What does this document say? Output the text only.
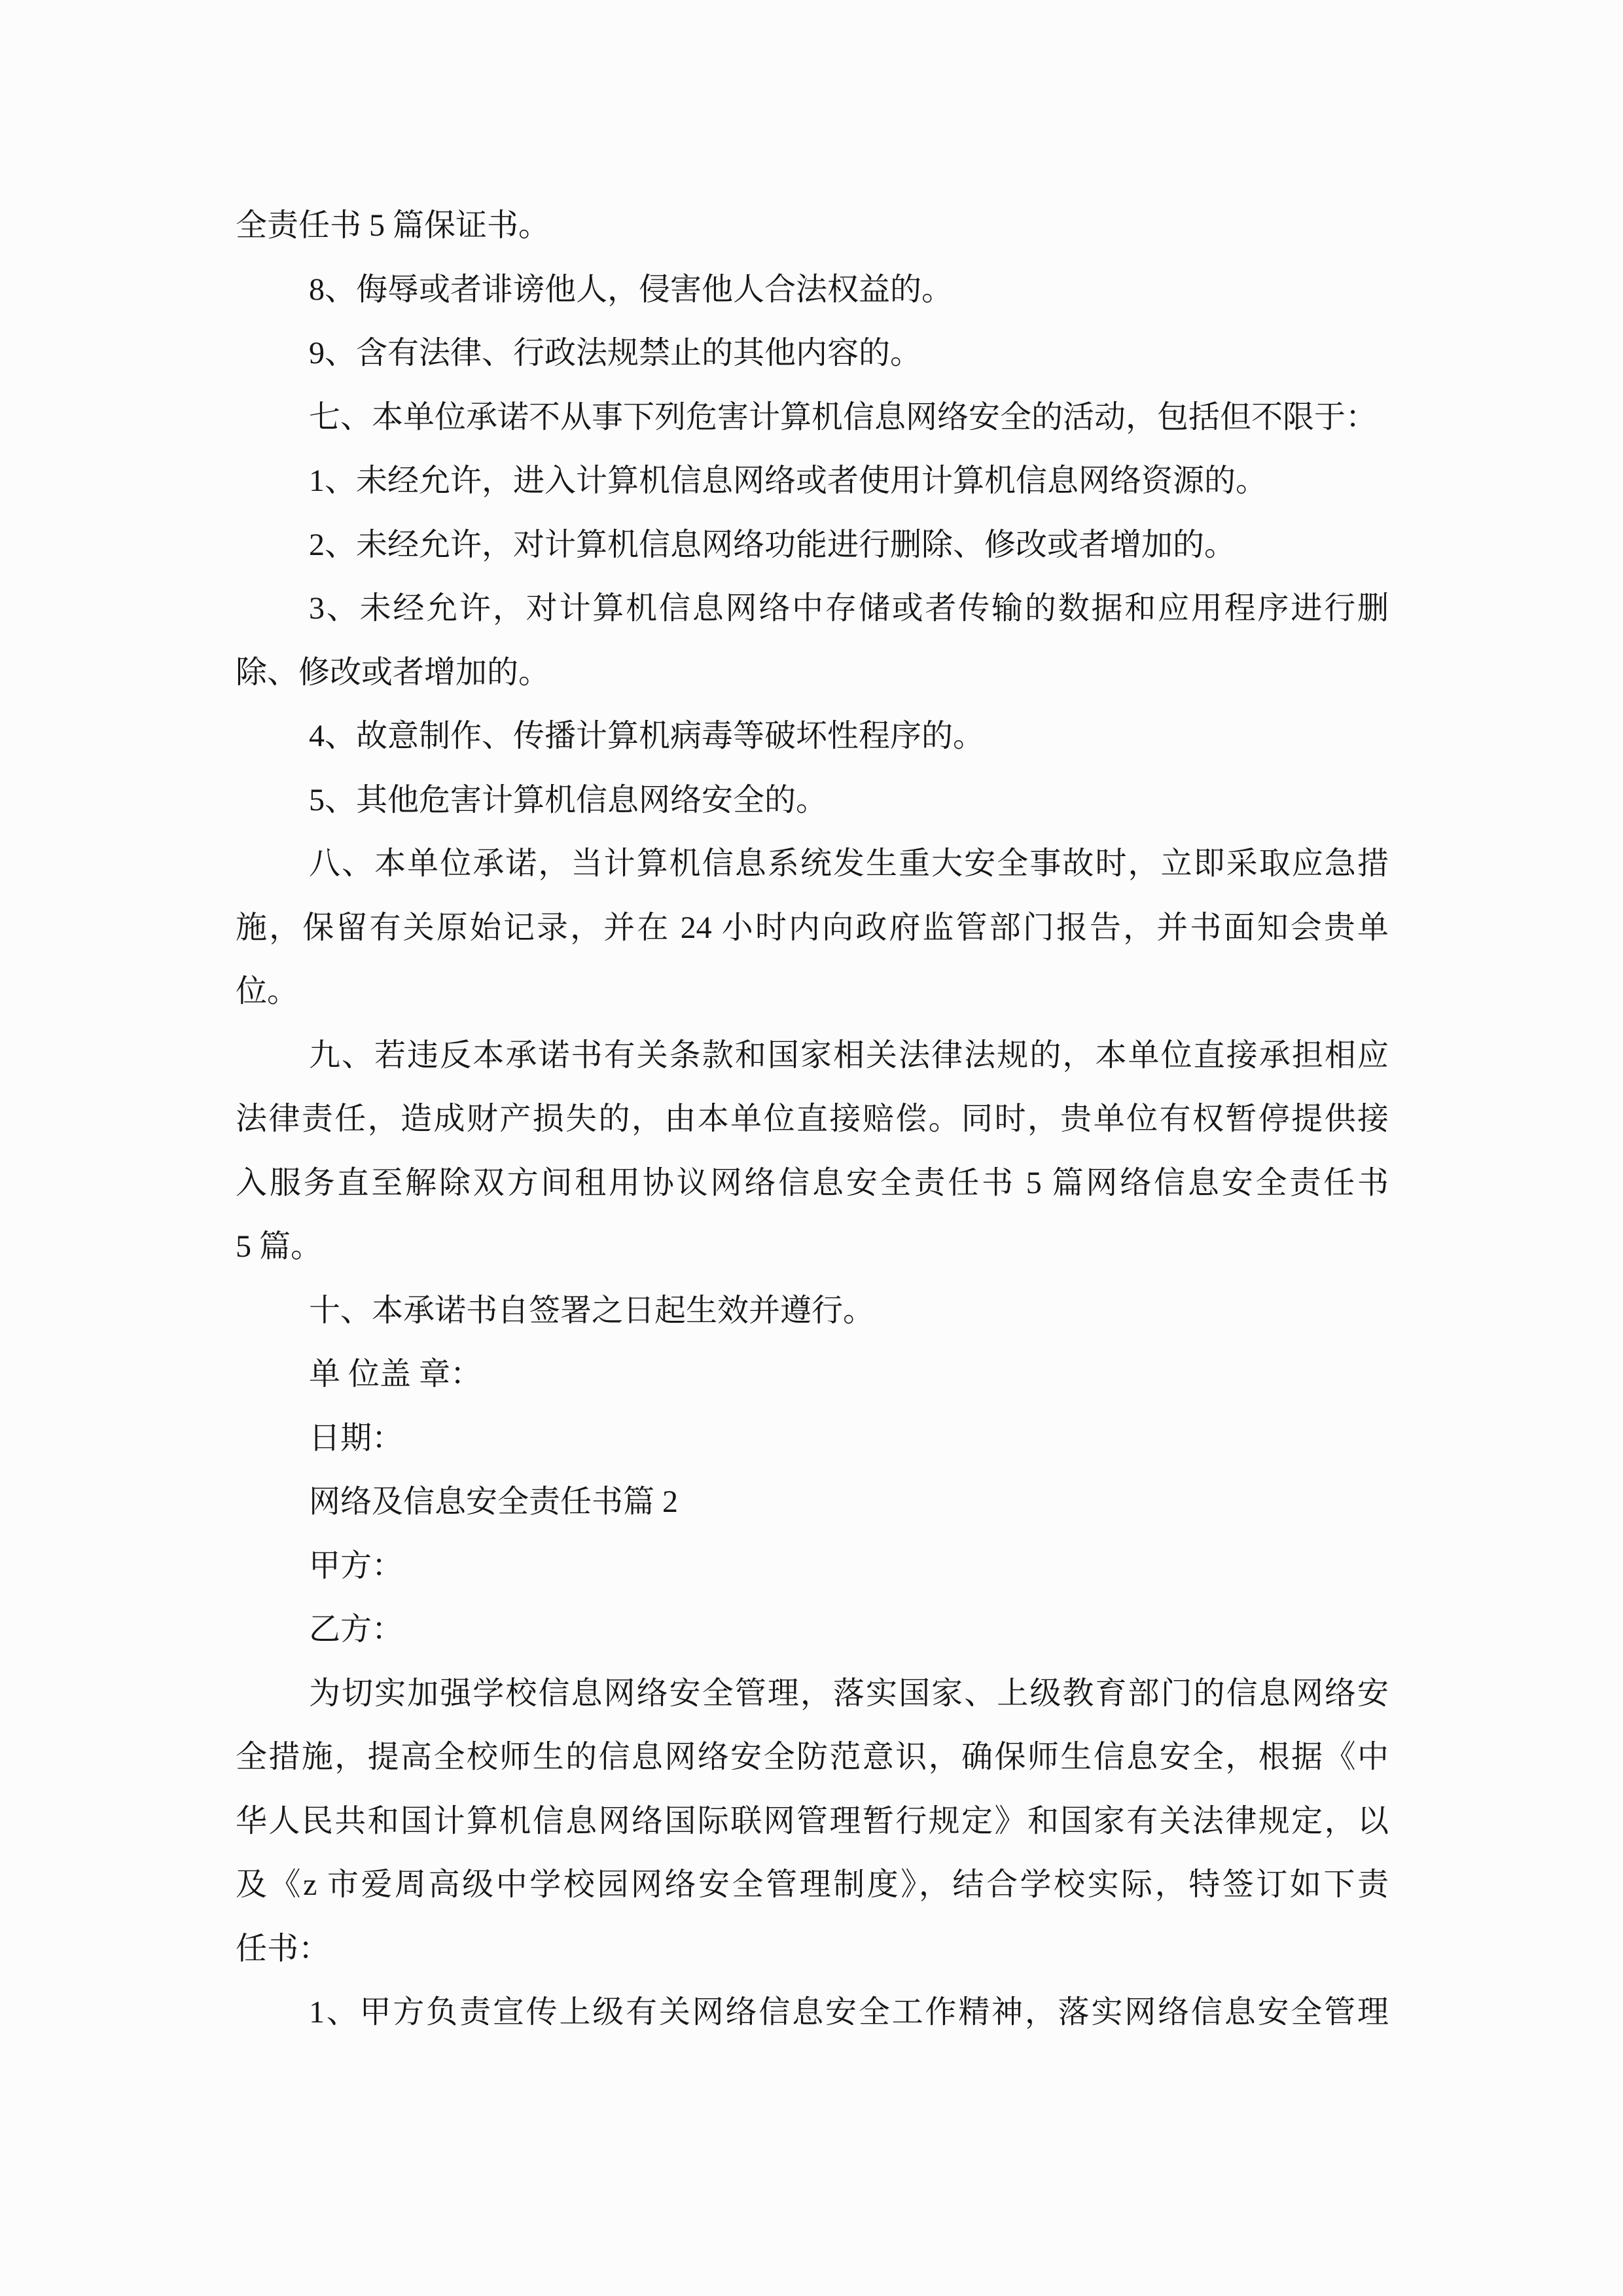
全责任书 5 篇保证书。
8、侮辱或者诽谤他人，侵害他人合法权益的。
9、含有法律、行政法规禁止的其他内容的。
七、本单位承诺不从事下列危害计算机信息网络安全的活动，包括但不限于：
1、未经允许，进入计算机信息网络或者使用计算机信息网络资源的。
2、未经允许，对计算机信息网络功能进行删除、修改或者增加的。
3、未经允许，对计算机信息网络中存储或者传输的数据和应用程序进行删
除、修改或者增加的。
4、故意制作、传播计算机病毒等破坏性程序的。
5、其他危害计算机信息网络安全的。
八、本单位承诺，当计算机信息系统发生重大安全事故时，立即采取应急措
施，保留有关原始记录，并在 24 小时内向政府监管部门报告，并书面知会贵单
位。
九、若违反本承诺书有关条款和国家相关法律法规的，本单位直接承担相应
法律责任，造成财产损失的，由本单位直接赔偿。同时，贵单位有权暂停提供接
入服务直至解除双方间租用协议网络信息安全责任书 5 篇网络信息安全责任书
5 篇。
十、本承诺书自签署之日起生效并遵行。
单 位盖 章：
日期：
网络及信息安全责任书篇 2
甲方：
乙方：
为切实加强学校信息网络安全管理，落实国家、上级教育部门的信息网络安
全措施，提高全校师生的信息网络安全防范意识，确保师生信息安全，根据《中
华人民共和国计算机信息网络国际联网管理暂行规定》和国家有关法律规定，以
及《z 市爱周高级中学校园网络安全管理制度》，结合学校实际，特签订如下责
任书：
1、甲方负责宣传上级有关网络信息安全工作精神，落实网络信息安全管理
